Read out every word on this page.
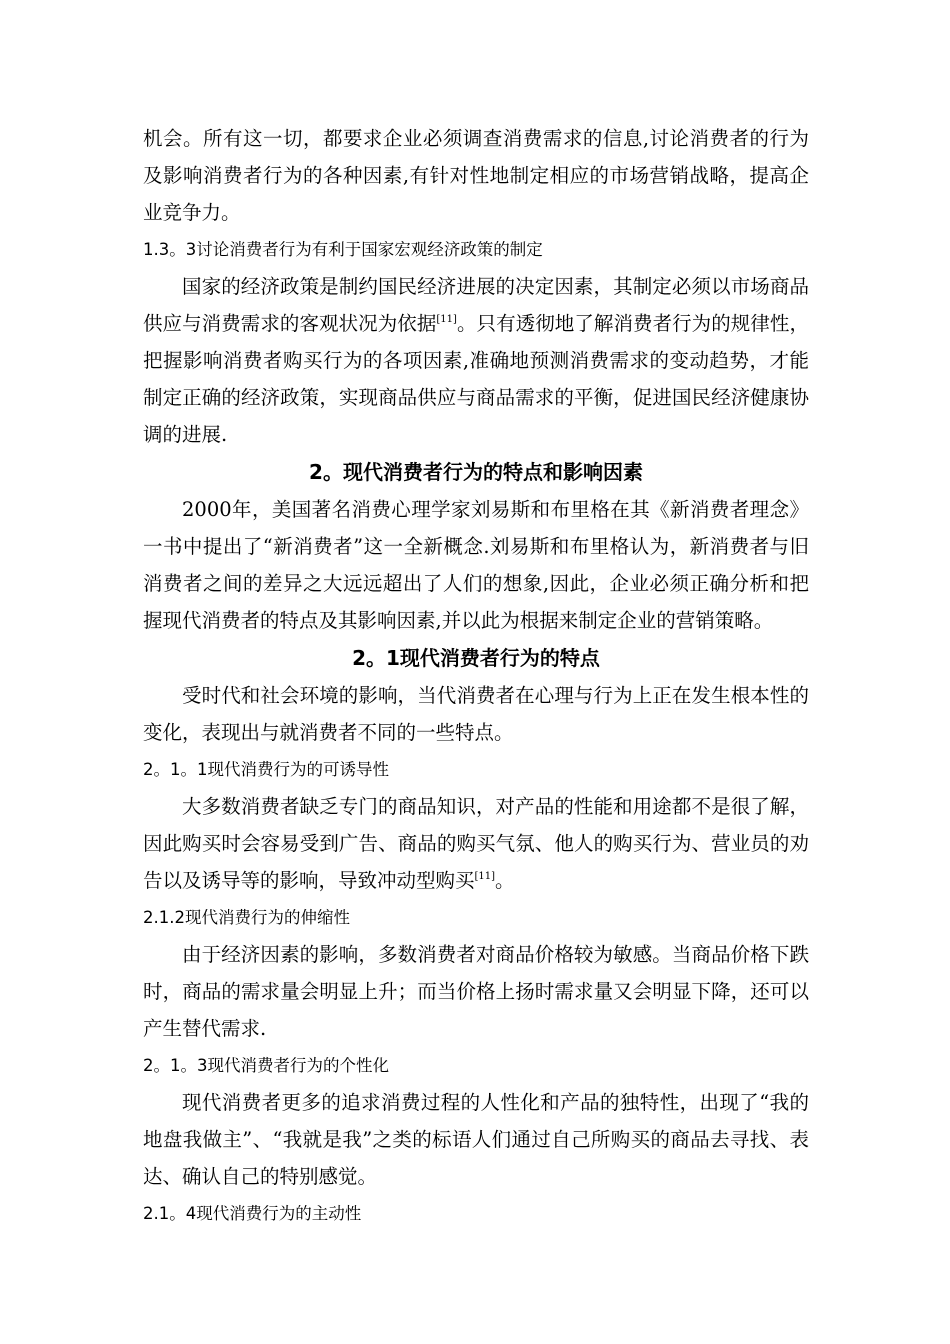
机会。所有这一切，都要求企业必须调查消费需求的信息,讨论消费者的行为及影响消费者行为的各种因素,有针对性地制定相应的市场营销战略，提高企业竞争力。

1.3。3讨论消费者行为有利于国家宏观经济政策的制定

国家的经济政策是制约国民经济进展的决定因素，其制定必须以市场商品供应与消费需求的客观状况为依据[11]。只有透彻地了解消费者行为的规律性，把握影响消费者购买行为的各项因素,准确地预测消费需求的变动趋势，才能制定正确的经济政策，实现商品供应与商品需求的平衡，促进国民经济健康协调的进展.

2。现代消费者行为的特点和影响因素

2000年，美国著名消费心理学家刘易斯和布里格在其《新消费者理念》一书中提出了“新消费者”这一全新概念.刘易斯和布里格认为，新消费者与旧消费者之间的差异之大远远超出了人们的想象,因此，企业必须正确分析和把握现代消费者的特点及其影响因素,并以此为根据来制定企业的营销策略。

2。1现代消费者行为的特点

受时代和社会环境的影响，当代消费者在心理与行为上正在发生根本性的变化，表现出与就消费者不同的一些特点。

2。1。1现代消费行为的可诱导性

大多数消费者缺乏专门的商品知识，对产品的性能和用途都不是很了解，因此购买时会容易受到广告、商品的购买气氛、他人的购买行为、营业员的劝告以及诱导等的影响，导致冲动型购买[11]。

2.1.2现代消费行为的伸缩性

由于经济因素的影响，多数消费者对商品价格较为敏感。当商品价格下跌时，商品的需求量会明显上升；而当价格上扬时需求量又会明显下降，还可以产生替代需求.

2。1。3现代消费者行为的个性化

现代消费者更多的追求消费过程的人性化和产品的独特性，出现了“我的地盘我做主”、“我就是我”之类的标语人们通过自己所购买的商品去寻找、表达、确认自己的特别感觉。

2.1。4现代消费行为的主动性
